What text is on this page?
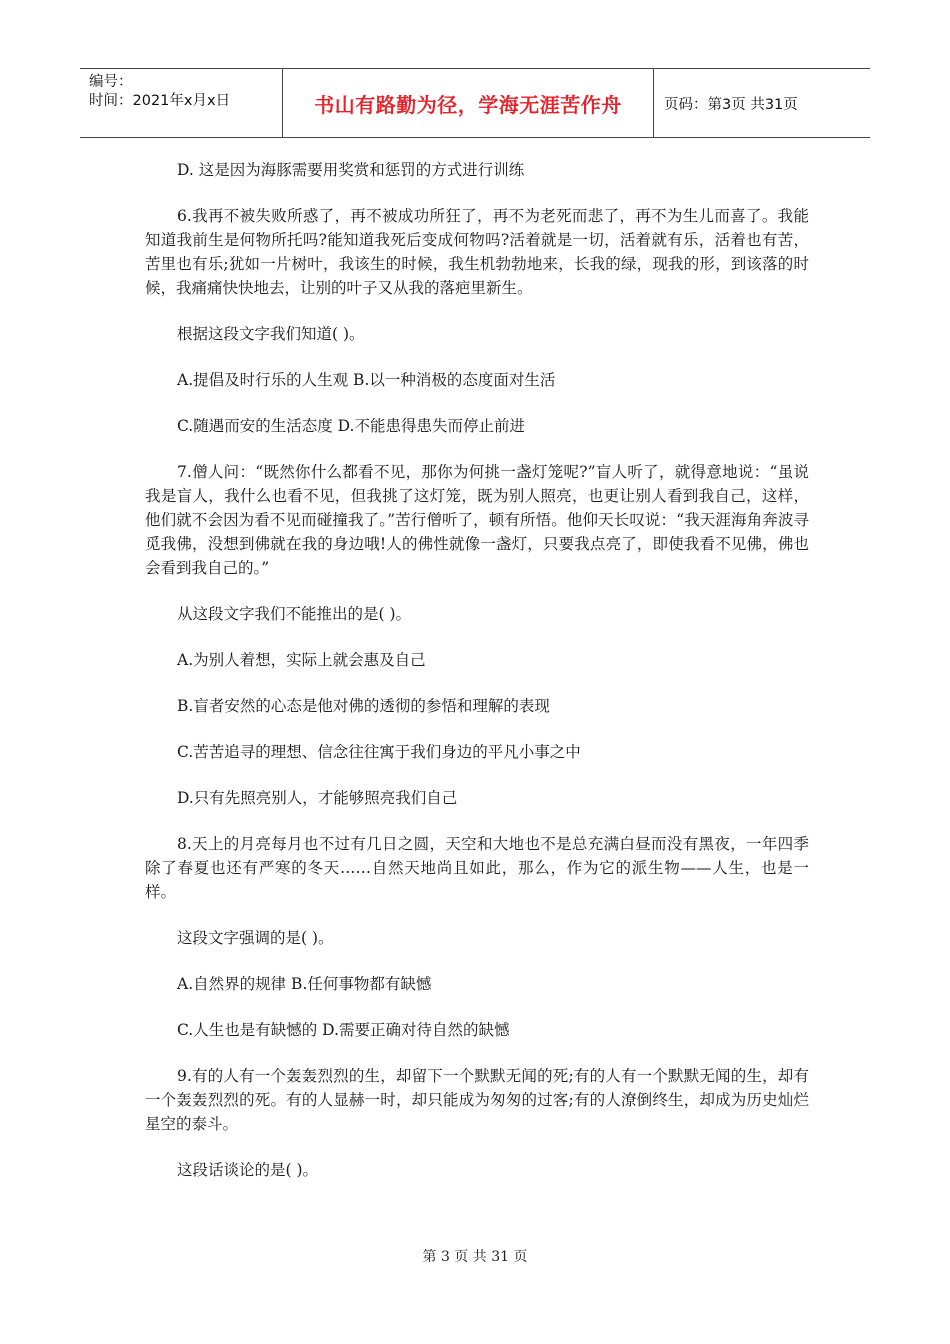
编号：
时间：2021年x月x日	书山有路勤为径，学海无涯苦作舟	页码：第3页 共31页

D. 这是因为海豚需要用奖赏和惩罚的方式进行训练

6.我再不被失败所惑了，再不被成功所狂了，再不为老死而悲了，再不为生儿而喜了。我能知道我前生是何物所托吗?能知道我死后变成何物吗?活着就是一切，活着就有乐，活着也有苦，苦里也有乐;犹如一片树叶，我该生的时候，我生机勃勃地来，长我的绿，现我的形，到该落的时候，我痛痛快快地去，让别的叶子又从我的落疤里新生。

根据这段文字我们知道( )。

A.提倡及时行乐的人生观 B.以一种消极的态度面对生活

C.随遇而安的生活态度 D.不能患得患失而停止前进

7.僧人问：“既然你什么都看不见，那你为何挑一盏灯笼呢?”盲人听了，就得意地说：“虽说我是盲人，我什么也看不见，但我挑了这灯笼，既为别人照亮，也更让别人看到我自己，这样，他们就不会因为看不见而碰撞我了。”苦行僧听了，顿有所悟。他仰天长叹说：“我天涯海角奔波寻觅我佛，没想到佛就在我的身边哦!人的佛性就像一盏灯，只要我点亮了，即使我看不见佛，佛也会看到我自己的。”

从这段文字我们不能推出的是( )。

A.为别人着想，实际上就会惠及自己

B.盲者安然的心态是他对佛的透彻的参悟和理解的表现

C.苦苦追寻的理想、信念往往寓于我们身边的平凡小事之中

D.只有先照亮别人，才能够照亮我们自己

8.天上的月亮每月也不过有几日之圆，天空和大地也不是总充满白昼而没有黑夜，一年四季除了春夏也还有严寒的冬天……自然天地尚且如此，那么，作为它的派生物——人生，也是一样。

这段文字强调的是( )。

A.自然界的规律 B.任何事物都有缺憾

C.人生也是有缺憾的 D.需要正确对待自然的缺憾

9.有的人有一个轰轰烈烈的生，却留下一个默默无闻的死;有的人有一个默默无闻的生，却有一个轰轰烈烈的死。有的人显赫一时，却只能成为匆匆的过客;有的人潦倒终生，却成为历史灿烂星空的泰斗。

这段话谈论的是( )。

第 3 页 共 31 页
